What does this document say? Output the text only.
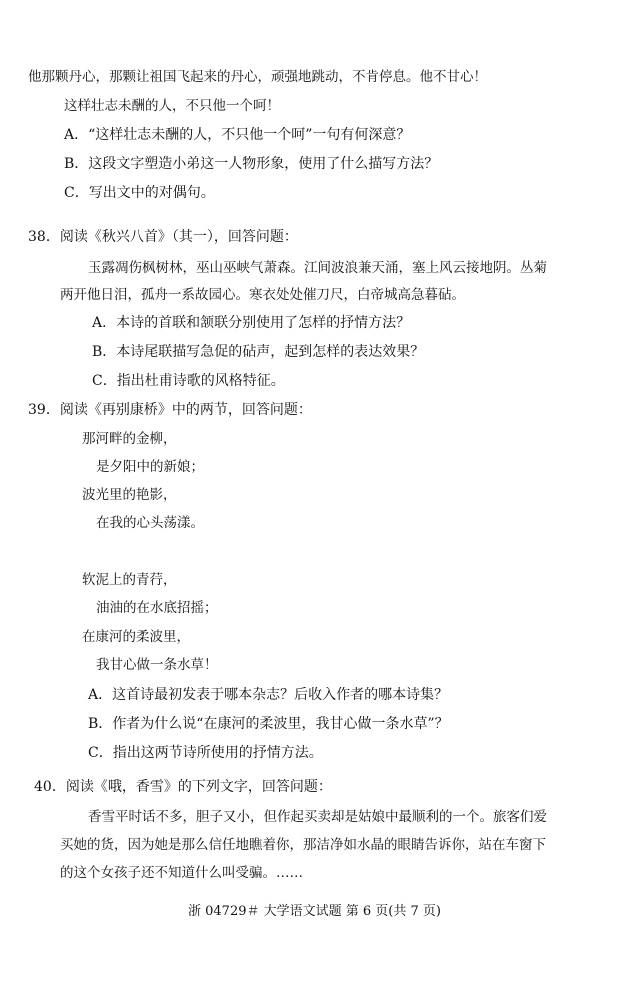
他那颗丹心，那颗让祖国飞起来的丹心，顽强地跳动，不肯停息。他不甘心！
这样壮志未酬的人，不只他一个呵！
A．“这样壮志未酬的人，不只他一个呵”一句有何深意？
B．这段文字塑造小弟这一人物形象，使用了什么描写方法？
C．写出文中的对偶句。
38．阅读《秋兴八首》（其一），回答问题：
玉露凋伤枫树林，巫山巫峡气萧森。江间波浪兼天涌，塞上风云接地阴。丛菊
两开他日泪，孤舟一系故园心。寒衣处处催刀尺，白帝城高急暮砧。
A．本诗的首联和颔联分别使用了怎样的抒情方法？
B．本诗尾联描写急促的砧声，起到怎样的表达效果？
C．指出杜甫诗歌的风格特征。
39．阅读《再别康桥》中的两节，回答问题：
那河畔的金柳，
是夕阳中的新娘；
波光里的艳影，
在我的心头荡漾。
软泥上的青荇，
油油的在水底招摇；
在康河的柔波里，
我甘心做一条水草！
A．这首诗最初发表于哪本杂志？后收入作者的哪本诗集？
B．作者为什么说“在康河的柔波里，我甘心做一条水草”？
C．指出这两节诗所使用的抒情方法。
40．阅读《哦，香雪》的下列文字，回答问题：
香雪平时话不多，胆子又小，但作起买卖却是姑娘中最顺利的一个。旅客们爱
买她的货，因为她是那么信任地瞧着你，那洁净如水晶的眼睛告诉你，站在车窗下
的这个女孩子还不知道什么叫受骗。……
浙 04729＃ 大学语文试题 第 6 页(共 7 页)
